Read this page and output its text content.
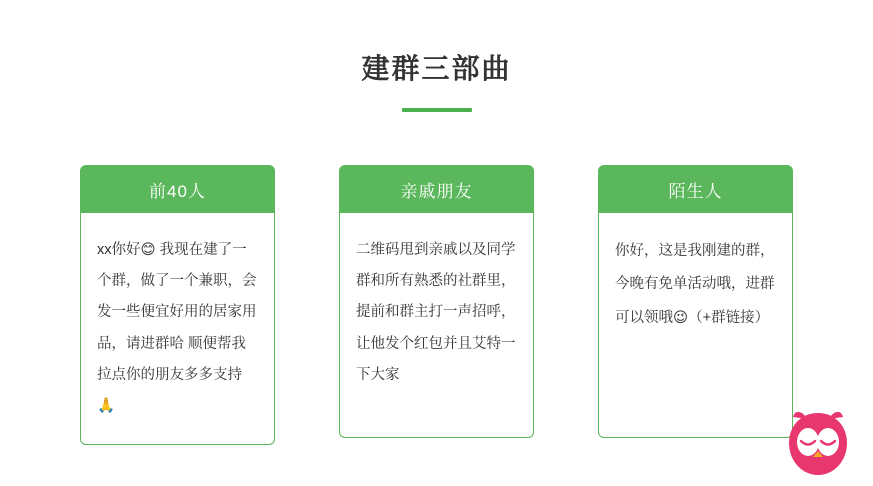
建群三部曲
前40人

xx你好😊 我现在建了一个群，做了一个兼职，会发一些便宜好用的居家用品，请进群哈 顺便帮我拉点你的朋友多多支持🙏

亲戚朋友

二维码甩到亲戚以及同学群和所有熟悉的社群里，提前和群主打一声招呼，让他发个红包并且艾特一下大家

陌生人

你好，这是我刚建的群，今晚有免单活动哦，进群可以领哦😉（+群链接）
